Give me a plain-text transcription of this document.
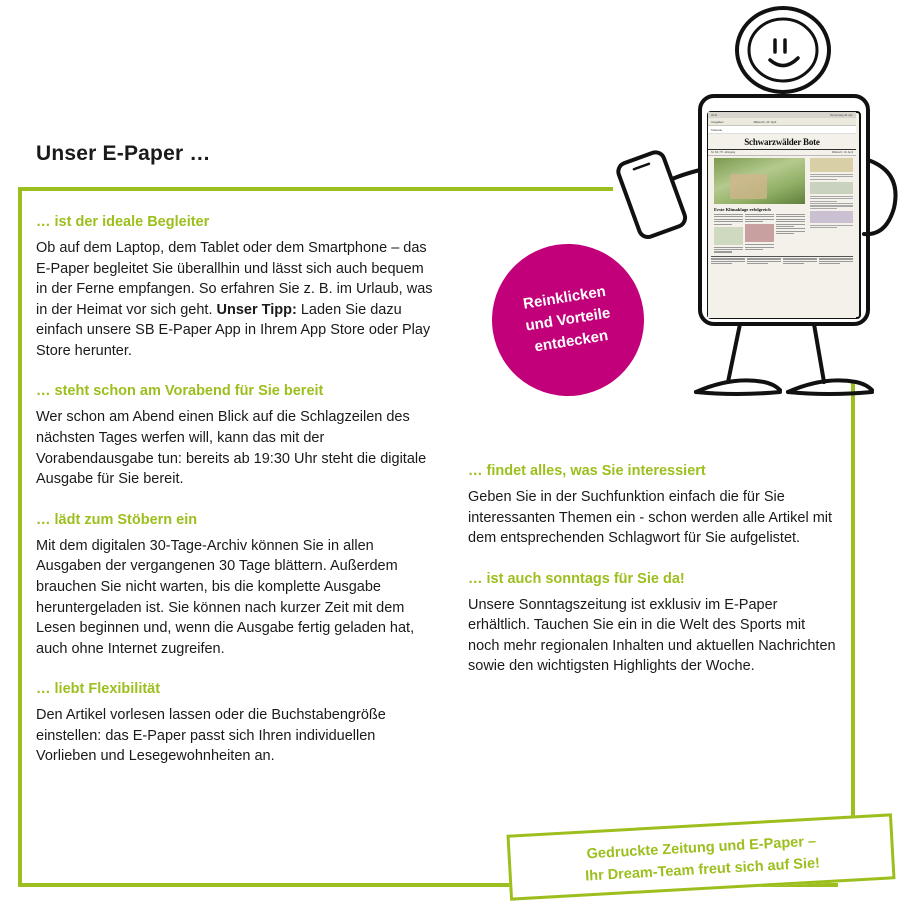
Unser E-Paper …
… ist der ideale Begleiter
Ob auf dem Laptop, dem Tablet oder dem Smartphone – das E-Paper begleitet Sie überallhin und lässt sich auch bequem in der Ferne empfangen. So erfahren Sie z. B. im Urlaub, was in der Heimat vor sich geht. Unser Tipp: Laden Sie dazu einfach unsere SB E-Paper App in Ihrem App Store oder Play Store herunter.
… steht schon am Vorabend für Sie bereit
Wer schon am Abend einen Blick auf die Schlagzeilen des nächsten Tages werfen will, kann das mit der Vorabendausgabe tun: bereits ab 19:30 Uhr steht die digitale Ausgabe für Sie bereit.
… lädt zum Stöbern ein
Mit dem digitalen 30-Tage-Archiv können Sie in allen Ausgaben der vergangenen 30 Tage blättern. Außerdem brauchen Sie nicht warten, bis die komplette Ausgabe heruntergeladen ist. Sie können nach kurzer Zeit mit dem Lesen beginnen und, wenn die Ausgabe fertig geladen hat, auch ohne Internet zugreifen.
… liebt Flexibilität
Den Artikel vorlesen lassen oder die Buchstabengröße einstellen: das E-Paper passt sich Ihren individuellen Vorlieben und Lesegewohnheiten an.
… findet alles, was Sie interessiert
Geben Sie in der Suchfunktion einfach die für Sie interessanten Themen ein - schon werden alle Artikel mit dem entsprechenden Schlagwort für Sie aufgelistet.
… ist auch sonntags für Sie da!
Unsere Sonntagszeitung ist exklusiv im E-Paper erhältlich. Tauchen Sie ein in die Welt des Sports mit noch mehr regionalen Inhalten und aktuellen Nachrichten sowie den wichtigsten Highlights der Woche.
Reinklicken
und Vorteile
entdecken
09:41	Donnerstag 18. Apr.
Ausgaben	Mittwoch, 10. April
Titelseite
Schwarzwälder Bote
Nr. 84 | 75. Jahrgang	Mittwoch, 10. April
Erste Klimaklage erfolgreich
Gedruckte Zeitung und E-Paper –
Ihr Dream-Team freut sich auf Sie!
